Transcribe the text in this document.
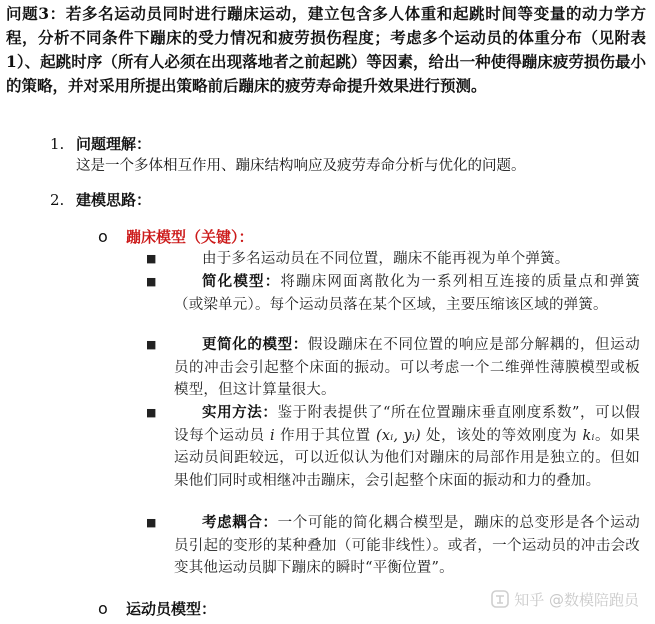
问题3：若多名运动员同时进行蹦床运动，建立包含多人体重和起跳时间等变量的动力学方程，分析不同条件下蹦床的受力情况和疲劳损伤程度；考虑多个运动员的体重分布（见附表1）、起跳时序（所有人必须在出现落地者之前起跳）等因素，给出一种使得蹦床疲劳损伤最小的策略，并对采用所提出策略前后蹦床的疲劳寿命提升效果进行预测。
1. 问题理解：
这是一个多体相互作用、蹦床结构响应及疲劳寿命分析与优化的问题。
2. 建模思路：
o 蹦床模型（关键）：
■	由于多名运动员在不同位置，蹦床不能再视为单个弹簧。
■	简化模型：将蹦床网面离散化为一系列相互连接的质量点和弹簧（或梁单元）。每个运动员落在某个区域，主要压缩该区域的弹簧。
■	更简化的模型：假设蹦床在不同位置的响应是部分解耦的，但运动员的冲击会引起整个床面的振动。可以考虑一个二维弹性薄膜模型或板模型，但这计算量很大。
■	实用方法：鉴于附表提供了“所在位置蹦床垂直刚度系数”，可以假设每个运动员 i 作用于其位置 (xᵢ, yᵢ) 处，该处的等效刚度为 kᵢ。如果运动员间距较远，可以近似认为他们对蹦床的局部作用是独立的。但如果他们同时或相继冲击蹦床，会引起整个床面的振动和力的叠加。
■	考虑耦合：一个可能的简化耦合模型是，蹦床的总变形是各个运动员引起的变形的某种叠加（可能非线性）。或者，一个运动员的冲击会改变其他运动员脚下蹦床的瞬时“平衡位置”。
o 运动员模型：	知乎 @数模陪跑员
